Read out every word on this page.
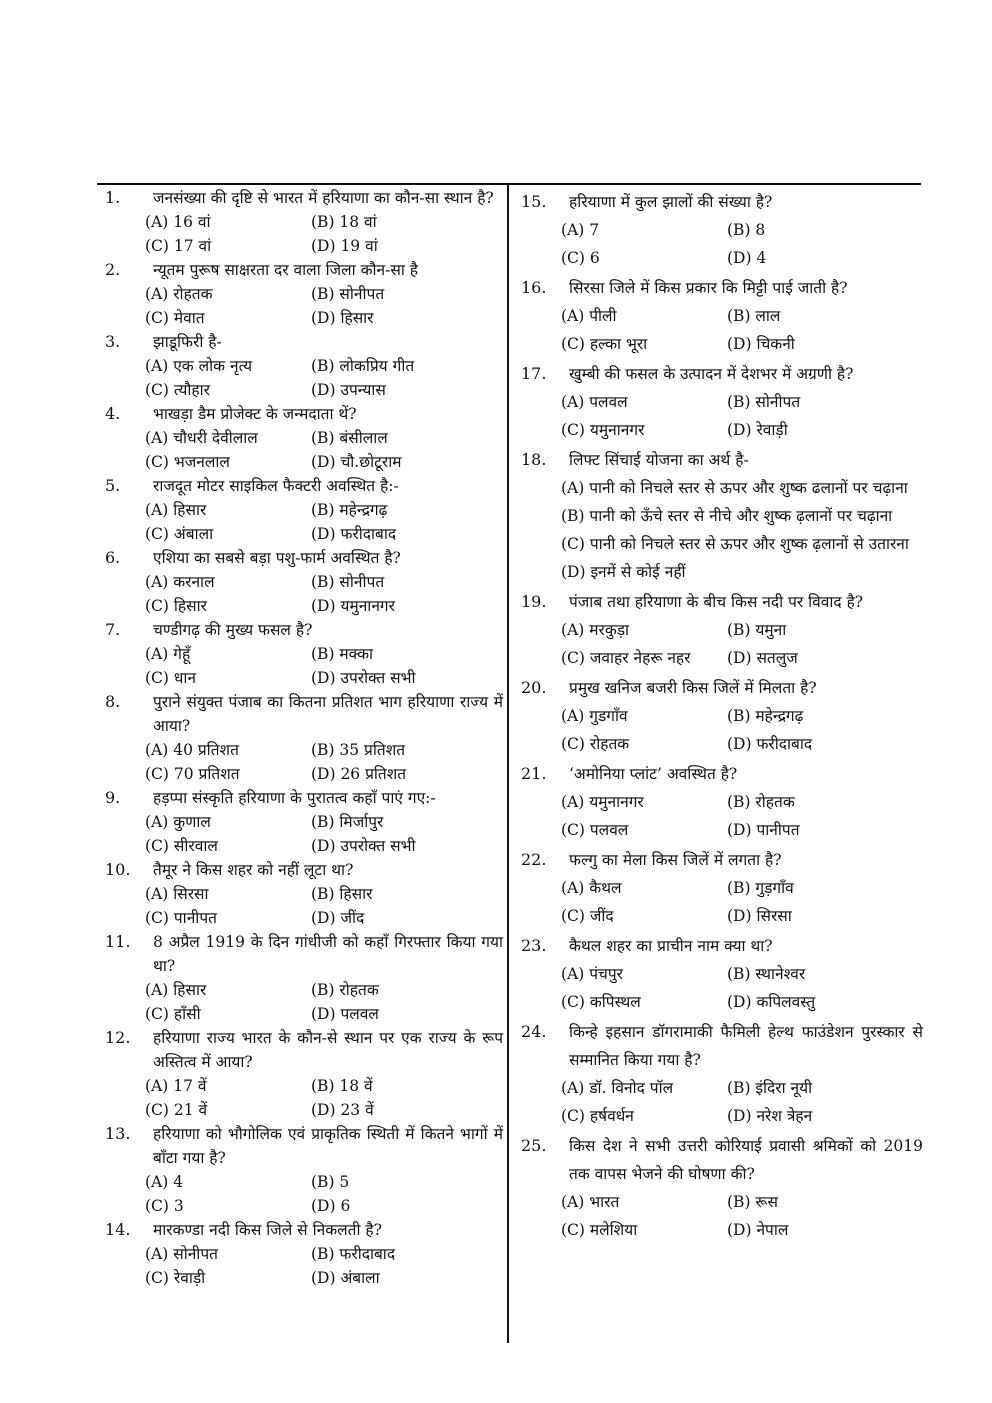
1.	जनसंख्या की दृष्टि से भारत में हरियाणा का कौन-सा स्थान है?
(A) 16 वां	(B) 18 वां
(C) 17 वां	(D) 19 वां
2.	न्यूतम पुरूष साक्षरता दर वाला जिला कौन-सा है
(A) रोहतक	(B) सोनीपत
(C) मेवात	(D) हिसार
3.	झाडूफिरी है-
(A) एक लोक नृत्य	(B) लोकप्रिय गीत
(C) त्यौहार	(D) उपन्यास
4.	भाखड़ा डैम प्रोजेक्ट के जन्मदाता थें?
(A) चौधरी देवीलाल	(B) बंसीलाल
(C) भजनलाल	(D) चौ.छोटूराम
5.	राजदूत मोटर साइकिल फैक्टरी अवस्थित है:-
(A) हिसार	(B) महेन्द्रगढ़
(C) अंबाला	(D) फरीदाबाद
6.	एशिया का सबसे बड़ा पशु-फार्म अवस्थित है?
(A) करनाल	(B) सोनीपत
(C) हिसार	(D) यमुनानगर
7.	चण्डीगढ़ की मुख्य फसल है?
(A) गेहूँ	(B) मक्का
(C) धान	(D) उपरोक्त सभी
8.	पुराने संयुक्त पंजाब का कितना प्रतिशत भाग हरियाणा राज्य में आया?
(A) 40 प्रतिशत	(B) 35 प्रतिशत
(C) 70 प्रतिशत	(D) 26 प्रतिशत
9.	हड़प्पा संस्कृति हरियाणा के पुरातत्व कहाँ पाएं गए:-
(A) कुणाल	(B) मिर्जापुर
(C) सीरवाल	(D) उपरोक्त सभी
10.	तैमूर ने किस शहर को नहीं लूटा था?
(A) सिरसा	(B) हिसार
(C) पानीपत	(D) जींद
11.	8 अप्रैल 1919 के दिन गांधीजी को कहाँ गिरफ्तार किया गया था?
(A) हिसार	(B) रोहतक
(C) हाँसी	(D) पलवल
12.	हरियाणा राज्य भारत के कौन-से स्थान पर एक राज्य के रूप अस्तित्व में आया?
(A) 17 वें	(B) 18 वें
(C) 21 वें	(D) 23 वें
13.	हरियाणा को भौगोलिक एवं प्राकृतिक स्थिती में कितने भागों में बाँटा गया है?
(A) 4	(B) 5
(C) 3	(D) 6
14.	मारकण्डा नदी किस जिले से निकलती है?
(A) सोनीपत	(B) फरीदाबाद
(C) रेवाड़ी	(D) अंबाला
15.	हरियाणा में कुल झालों की संख्या है?
(A) 7	(B) 8
(C) 6	(D) 4
16.	सिरसा जिले में किस प्रकार कि मिट्टी पाई जाती है?
(A) पीली	(B) लाल
(C) हल्का भूरा	(D) चिकनी
17.	खुम्बी की फसल के उत्पादन में देशभर में अग्रणी है?
(A) पलवल	(B) सोनीपत
(C) यमुनानगर	(D) रेवाड़ी
18.	लिफ्ट सिंचाई योजना का अर्थ है-
(A) पानी को निचले स्तर से ऊपर और शुष्क ढलानों पर चढ़ाना
(B) पानी को ऊँचे स्तर से नीचे और शुष्क ढ़लानों पर चढ़ाना
(C) पानी को निचले स्तर से ऊपर और शुष्क ढ़लानों से उतारना
(D) इनमें से कोई नहीं
19.	पंजाब तथा हरियाणा के बीच किस नदी पर विवाद है?
(A) मरकुड़ा	(B) यमुना
(C) जवाहर नेहरू नहर	(D) सतलुज
20.	प्रमुख खनिज बजरी किस जिलें में मिलता है?
(A) गुडगाँव	(B) महेन्द्रगढ़
(C) रोहतक	(D) फरीदाबाद
21.	‘अमोनिया प्लांट’ अवस्थित है?
(A) यमुनानगर	(B) रोहतक
(C) पलवल	(D) पानीपत
22.	फल्गु का मेला किस जिलें में लगता है?
(A) कैथल	(B) गुड़गाँव
(C) जींद	(D) सिरसा
23.	कैथल शहर का प्राचीन नाम क्या था?
(A) पंचपुर	(B) स्थानेश्वर
(C) कपिस्थल	(D) कपिलवस्तु
24.	किन्हे इहसान डॉगरामाकी फैमिली हेल्थ फाउंडेशन पुरस्कार से सम्मानित किया गया है?
(A) डॉ. विनोद पॉल	(B) इंदिरा नूयी
(C) हर्षवर्धन	(D) नरेश त्रेहन
25.	किस देश ने सभी उत्तरी कोरियाई प्रवासी श्रमिकों को 2019 तक वापस भेजने की घोषणा की?
(A) भारत	(B) रूस
(C) मलेशिया	(D) नेपाल
